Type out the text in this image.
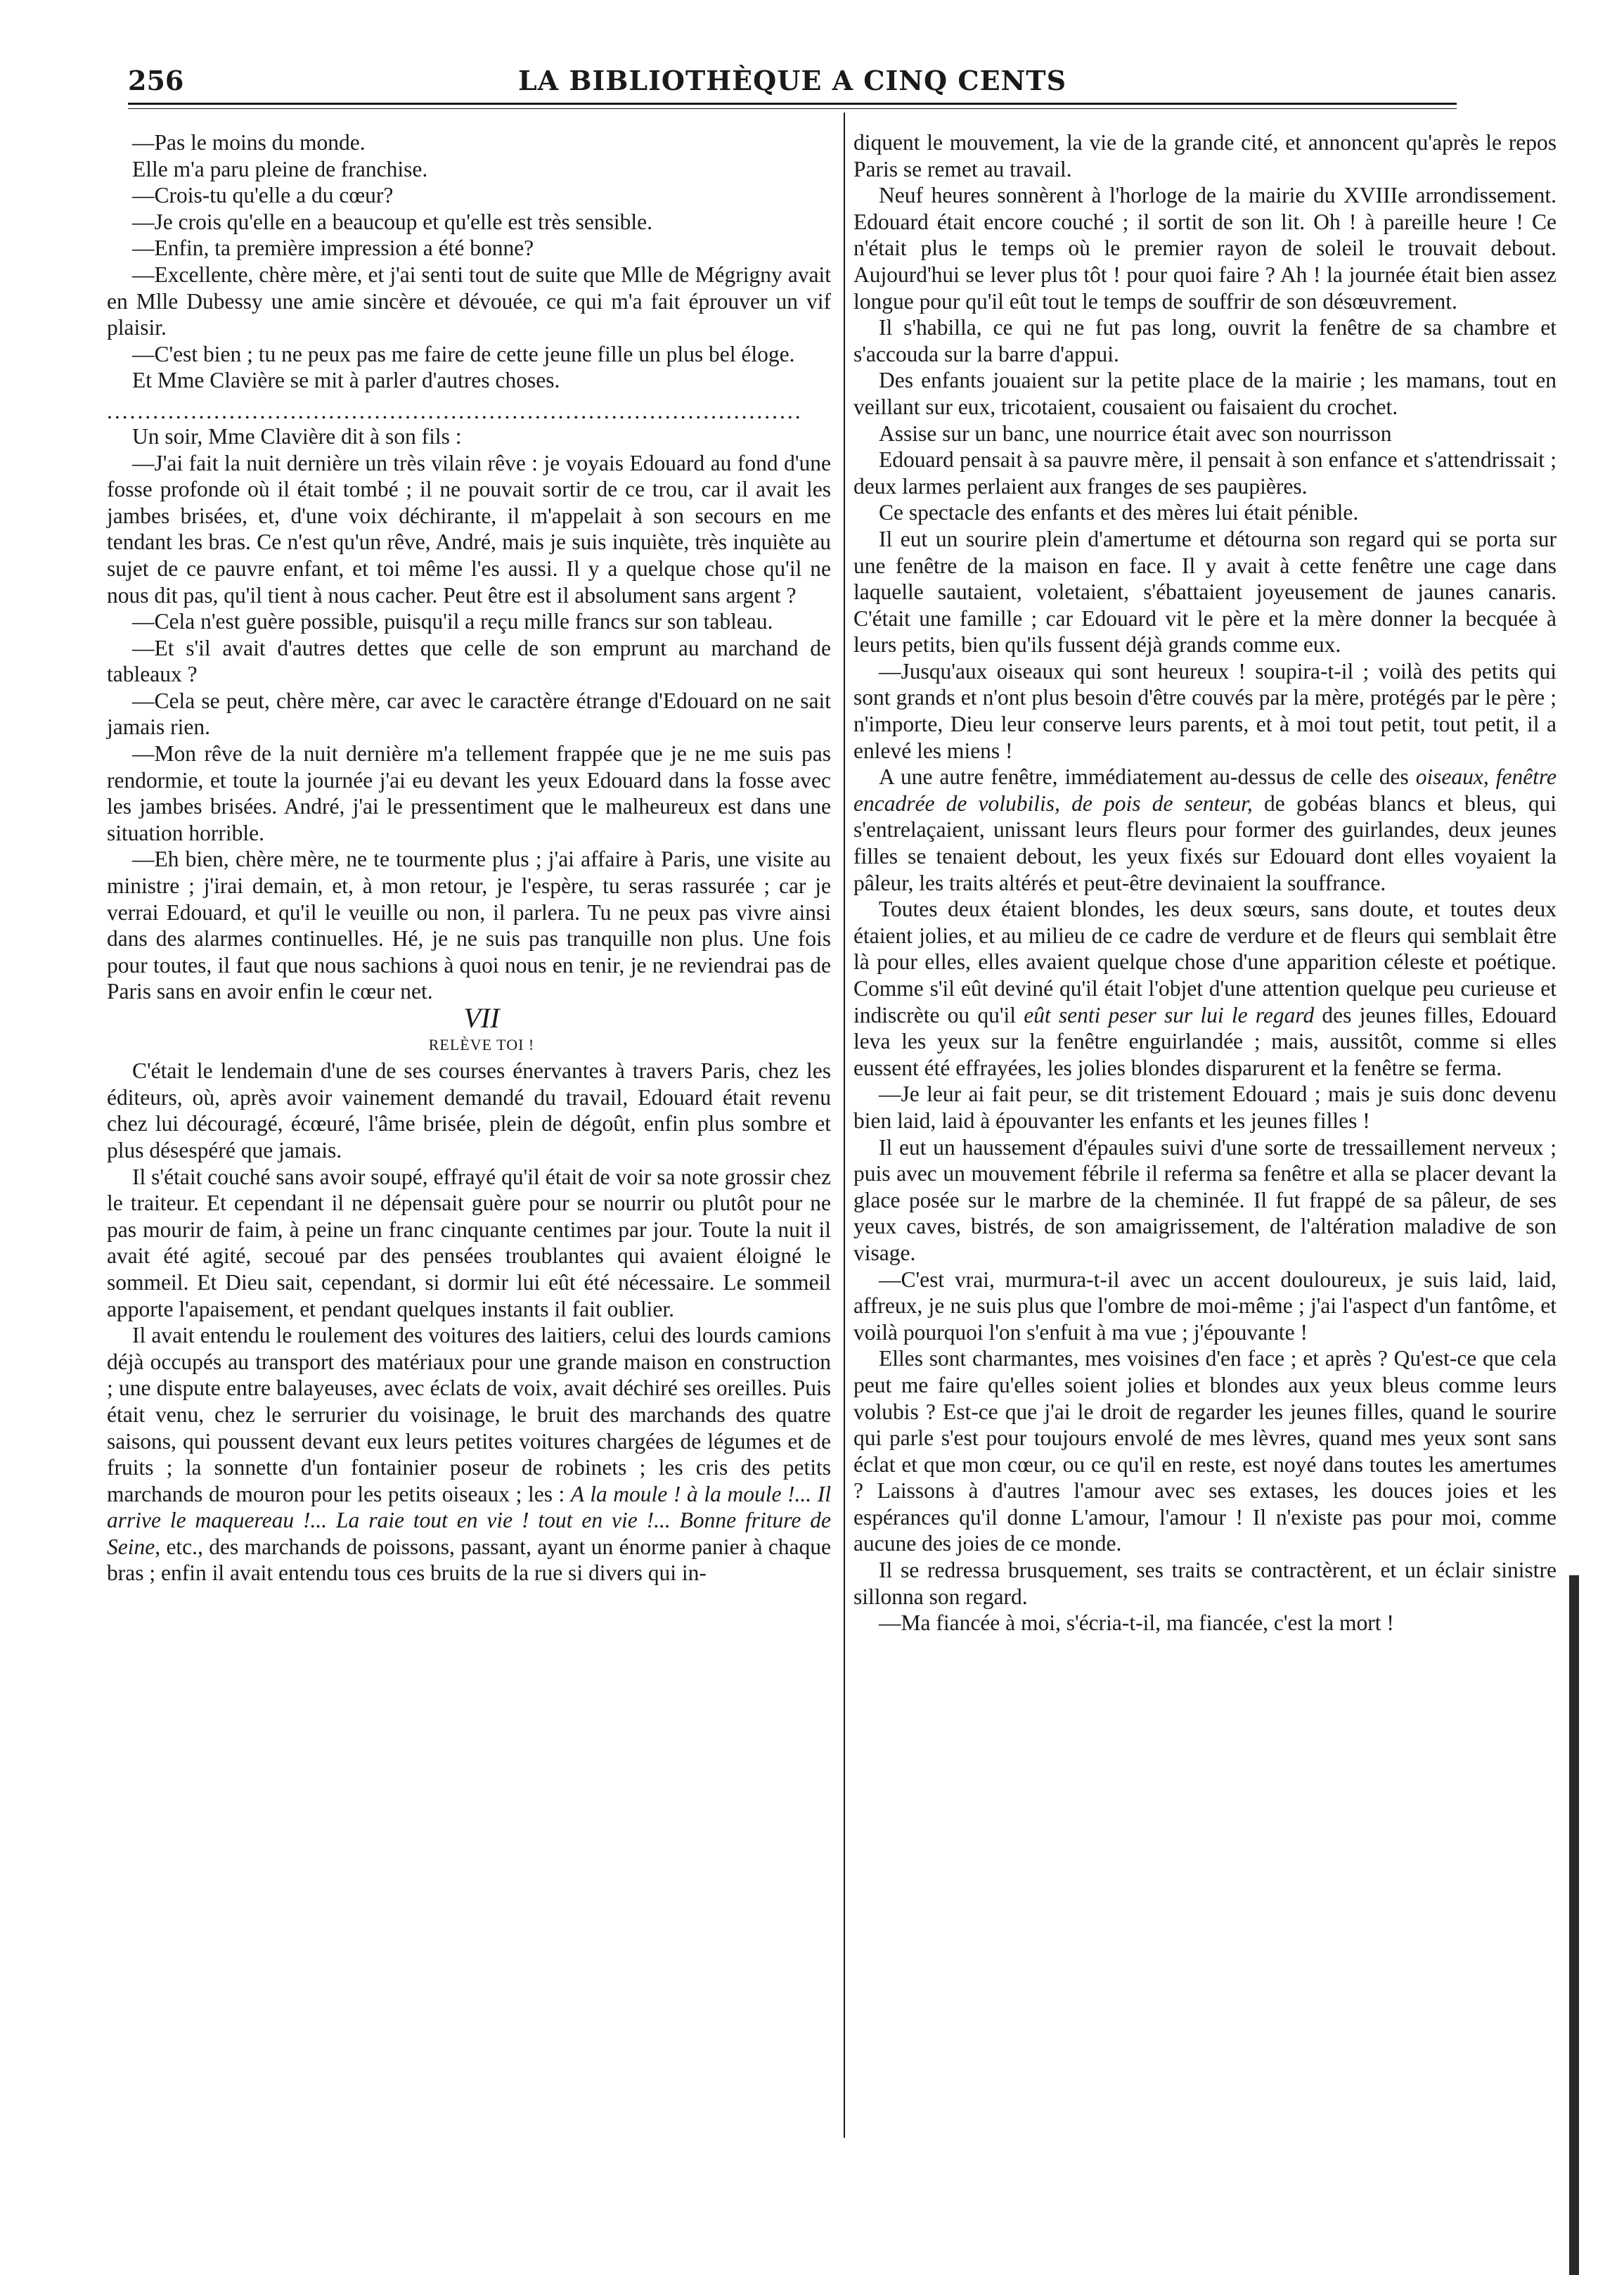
256	LA BIBLIOTHÈQUE A CINQ CENTS

—Pas le moins du monde.

Elle m'a paru pleine de franchise.

—Crois-tu qu'elle a du cœur?

—Je crois qu'elle en a beaucoup et qu'elle est très sensible.

—Enfin, ta première impression a été bonne?

—Excellente, chère mère, et j'ai senti tout de suite que Mlle de Mégrigny avait en Mlle Dubessy une amie sincère et dévouée, ce qui m'a fait éprouver un vif plaisir.

—C'est bien ; tu ne peux pas me faire de cette jeune fille un plus bel éloge.

Et Mme Clavière se mit à parler d'autres choses.

...........................................................................................

Un soir, Mme Clavière dit à son fils :

—J'ai fait la nuit dernière un très vilain rêve : je voyais Edouard au fond d'une fosse profonde où il était tombé ; il ne pouvait sortir de ce trou, car il avait les jambes brisées, et, d'une voix déchirante, il m'appelait à son secours en me tendant les bras. Ce n'est qu'un rêve, André, mais je suis inquiète, très inquiète au sujet de ce pauvre enfant, et toi même l'es aussi. Il y a quelque chose qu'il ne nous dit pas, qu'il tient à nous cacher. Peut être est il absolument sans argent ?

—Cela n'est guère possible, puisqu'il a reçu mille francs sur son tableau.

—Et s'il avait d'autres dettes que celle de son emprunt au marchand de tableaux ?

—Cela se peut, chère mère, car avec le caractère étrange d'Edouard on ne sait jamais rien.

—Mon rêve de la nuit dernière m'a tellement frappée que je ne me suis pas rendormie, et toute la journée j'ai eu devant les yeux Edouard dans la fosse avec les jambes brisées. André, j'ai le pressentiment que le malheureux est dans une situation horrible.

—Eh bien, chère mère, ne te tourmente plus ; j'ai affaire à Paris, une visite au ministre ; j'irai demain, et, à mon retour, je l'espère, tu seras rassurée ; car je verrai Edouard, et qu'il le veuille ou non, il parlera. Tu ne peux pas vivre ainsi dans des alarmes continuelles. Hé, je ne suis pas tranquille non plus. Une fois pour toutes, il faut que nous sachions à quoi nous en tenir, je ne reviendrai pas de Paris sans en avoir enfin le cœur net.

VII

RELÈVE TOI !

C'était le lendemain d'une de ses courses énervantes à travers Paris, chez les éditeurs, où, après avoir vainement demandé du travail, Edouard était revenu chez lui découragé, écœuré, l'âme brisée, plein de dégoût, enfin plus sombre et plus désespéré que jamais.

Il s'était couché sans avoir soupé, effrayé qu'il était de voir sa note grossir chez le traiteur. Et cependant il ne dépensait guère pour se nourrir ou plutôt pour ne pas mourir de faim, à peine un franc cinquante centimes par jour. Toute la nuit il avait été agité, secoué par des pensées troublantes qui avaient éloigné le sommeil. Et Dieu sait, cependant, si dormir lui eût été nécessaire. Le sommeil apporte l'apaisement, et pendant quelques instants il fait oublier.

Il avait entendu le roulement des voitures des laitiers, celui des lourds camions déjà occupés au transport des matériaux pour une grande maison en construction ; une dispute entre balayeuses, avec éclats de voix, avait déchiré ses oreilles. Puis était venu, chez le serrurier du voisinage, le bruit des marchands des quatre saisons, qui poussent devant eux leurs petites voitures chargées de légumes et de fruits ; la sonnette d'un fontainier poseur de robinets ; les cris des petits marchands de mouron pour les petits oiseaux ; les : A la moule ! à la moule !... Il arrive le maquereau !... La raie tout en vie ! tout en vie !... Bonne friture de Seine, etc., des marchands de poissons, passant, ayant un énorme panier à chaque bras ; enfin il avait entendu tous ces bruits de la rue si divers qui in-

diquent le mouvement, la vie de la grande cité, et annoncent qu'après le repos Paris se remet au travail.

Neuf heures sonnèrent à l'horloge de la mairie du XVIIIe arrondissement. Edouard était encore couché ; il sortit de son lit. Oh ! à pareille heure ! Ce n'était plus le temps où le premier rayon de soleil le trouvait debout. Aujourd'hui se lever plus tôt ! pour quoi faire ? Ah ! la journée était bien assez longue pour qu'il eût tout le temps de souffrir de son désœuvrement.

Il s'habilla, ce qui ne fut pas long, ouvrit la fenêtre de sa chambre et s'accouda sur la barre d'appui.

Des enfants jouaient sur la petite place de la mairie ; les mamans, tout en veillant sur eux, tricotaient, cousaient ou faisaient du crochet.

Assise sur un banc, une nourrice était avec son nourrisson

Edouard pensait à sa pauvre mère, il pensait à son enfance et s'attendrissait ; deux larmes perlaient aux franges de ses paupières.

Ce spectacle des enfants et des mères lui était pénible.

Il eut un sourire plein d'amertume et détourna son regard qui se porta sur une fenêtre de la maison en face. Il y avait à cette fenêtre une cage dans laquelle sautaient, voletaient, s'ébattaient joyeusement de jaunes canaris. C'était une famille ; car Edouard vit le père et la mère donner la becquée à leurs petits, bien qu'ils fussent déjà grands comme eux.

—Jusqu'aux oiseaux qui sont heureux ! soupira-t-il ; voilà des petits qui sont grands et n'ont plus besoin d'être couvés par la mère, protégés par le père ; n'importe, Dieu leur conserve leurs parents, et à moi tout petit, tout petit, il a enlevé les miens !

A une autre fenêtre, immédiatement au-dessus de celle des oiseaux, fenêtre encadrée de volubilis, de pois de senteur, de gobéas blancs et bleus, qui s'entrelaçaient, unissant leurs fleurs pour former des guirlandes, deux jeunes filles se tenaient debout, les yeux fixés sur Edouard dont elles voyaient la pâleur, les traits altérés et peut-être devinaient la souffrance.

Toutes deux étaient blondes, les deux sœurs, sans doute, et toutes deux étaient jolies, et au milieu de ce cadre de verdure et de fleurs qui semblait être là pour elles, elles avaient quelque chose d'une apparition céleste et poétique. Comme s'il eût deviné qu'il était l'objet d'une attention quelque peu curieuse et indiscrète ou qu'il eût senti peser sur lui le regard des jeunes filles, Edouard leva les yeux sur la fenêtre enguirlandée ; mais, aussitôt, comme si elles eussent été effrayées, les jolies blondes disparurent et la fenêtre se ferma.

—Je leur ai fait peur, se dit tristement Edouard ; mais je suis donc devenu bien laid, laid à épouvanter les enfants et les jeunes filles !

Il eut un haussement d'épaules suivi d'une sorte de tressaillement nerveux ; puis avec un mouvement fébrile il referma sa fenêtre et alla se placer devant la glace posée sur le marbre de la cheminée. Il fut frappé de sa pâleur, de ses yeux caves, bistrés, de son amaigrissement, de l'altération maladive de son visage.

—C'est vrai, murmura-t-il avec un accent douloureux, je suis laid, laid, affreux, je ne suis plus que l'ombre de moi-même ; j'ai l'aspect d'un fantôme, et voilà pourquoi l'on s'enfuit à ma vue ; j'épouvante !

Elles sont charmantes, mes voisines d'en face ; et après ? Qu'est-ce que cela peut me faire qu'elles soient jolies et blondes aux yeux bleus comme leurs volubis ? Est-ce que j'ai le droit de regarder les jeunes filles, quand le sourire qui parle s'est pour toujours envolé de mes lèvres, quand mes yeux sont sans éclat et que mon cœur, ou ce qu'il en reste, est noyé dans toutes les amertumes ? Laissons à d'autres l'amour avec ses extases, les douces joies et les espérances qu'il donne L'amour, l'amour ! Il n'existe pas pour moi, comme aucune des joies de ce monde.

Il se redressa brusquement, ses traits se contractèrent, et un éclair sinistre sillonna son regard.

—Ma fiancée à moi, s'écria-t-il, ma fiancée, c'est la mort !
